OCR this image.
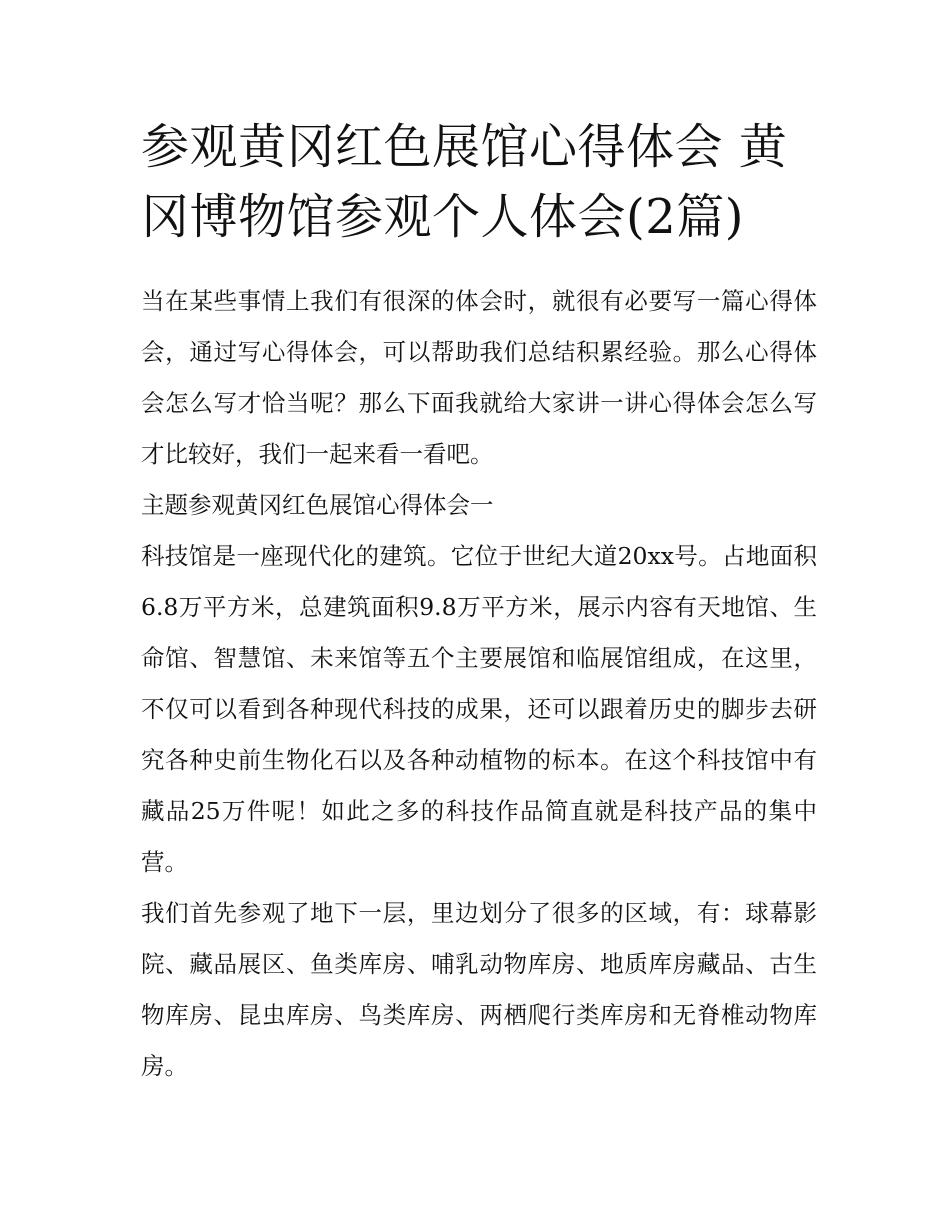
参观黄冈红色展馆心得体会 黄冈博物馆参观个人体会(2篇)

当在某些事情上我们有很深的体会时，就很有必要写一篇心得体会，通过写心得体会，可以帮助我们总结积累经验。那么心得体会怎么写才恰当呢？那么下面我就给大家讲一讲心得体会怎么写才比较好，我们一起来看一看吧。

主题参观黄冈红色展馆心得体会一

科技馆是一座现代化的建筑。它位于世纪大道20xx号。占地面积6.8万平方米，总建筑面积9.8万平方米，展示内容有天地馆、生命馆、智慧馆、未来馆等五个主要展馆和临展馆组成，在这里，不仅可以看到各种现代科技的成果，还可以跟着历史的脚步去研究各种史前生物化石以及各种动植物的标本。在这个科技馆中有藏品25万件呢！如此之多的科技作品简直就是科技产品的集中营。

我们首先参观了地下一层，里边划分了很多的区域，有：球幕影院、藏品展区、鱼类库房、哺乳动物库房、地质库房藏品、古生物库房、昆虫库房、鸟类库房、两栖爬行类库房和无脊椎动物库房。
